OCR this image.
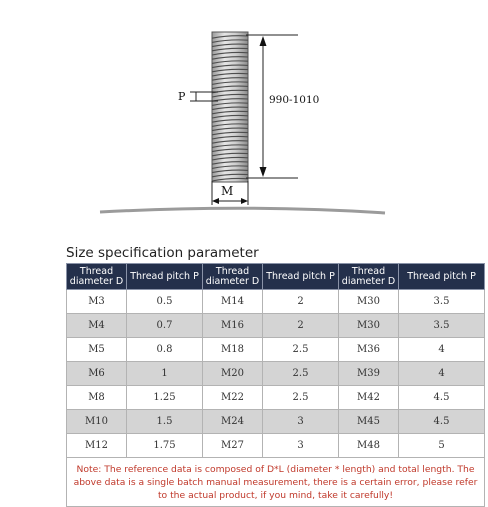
P	990-1010
M
Size specification parameter
Thread diameter D	Thread pitch P	Thread diameter D	Thread pitch P	Thread diameter D	Thread pitch P
M3	0.5	M14	2	M30	3.5
M4	0.7	M16	2	M30	3.5
M5	0.8	M18	2.5	M36	4
M6	1	M20	2.5	M39	4
M8	1.25	M22	2.5	M42	4.5
M10	1.5	M24	3	M45	4.5
M12	1.75	M27	3	M48	5
Note: The reference data is composed of D*L (diameter * length) and total length. The above data is a single batch manual measurement, there is a certain error, please refer to the actual product, if you mind, take it carefully!					
